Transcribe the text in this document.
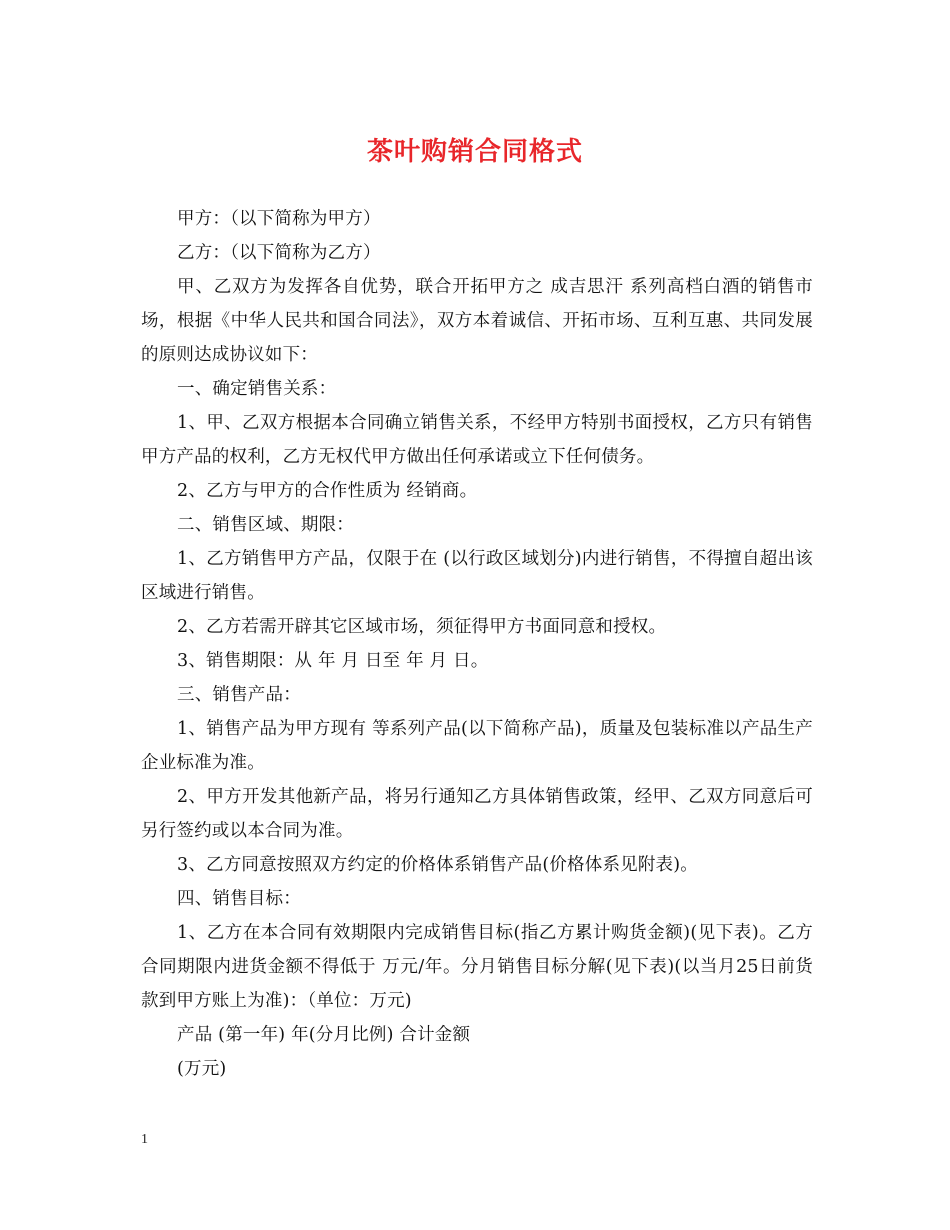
茶叶购销合同格式

甲方：（以下简称为甲方）

乙方：（以下简称为乙方）

甲、乙双方为发挥各自优势，联合开拓甲方之 成吉思汗 系列高档白酒的销售市场，根据《中华人民共和国合同法》，双方本着诚信、开拓市场、互利互惠、共同发展的原则达成协议如下：

一、确定销售关系：

1、甲、乙双方根据本合同确立销售关系，不经甲方特别书面授权，乙方只有销售甲方产品的权利，乙方无权代甲方做出任何承诺或立下任何债务。

2、乙方与甲方的合作性质为 经销商。

二、销售区域、期限：

1、乙方销售甲方产品，仅限于在 (以行政区域划分)内进行销售，不得擅自超出该区域进行销售。

2、乙方若需开辟其它区域市场，须征得甲方书面同意和授权。

3、销售期限：从 年 月 日至 年 月 日。

三、销售产品：

1、销售产品为甲方现有 等系列产品(以下简称产品)，质量及包装标准以产品生产企业标准为准。

2、甲方开发其他新产品，将另行通知乙方具体销售政策，经甲、乙双方同意后可另行签约或以本合同为准。

3、乙方同意按照双方约定的价格体系销售产品(价格体系见附表)。

四、销售目标：

1、乙方在本合同有效期限内完成销售目标(指乙方累计购货金额)(见下表)。乙方合同期限内进货金额不得低于 万元/年。分月销售目标分解(见下表)(以当月25日前货款到甲方账上为准)：（单位：万元)

产品 (第一年) 年(分月比例) 合计金额

(万元)

1
